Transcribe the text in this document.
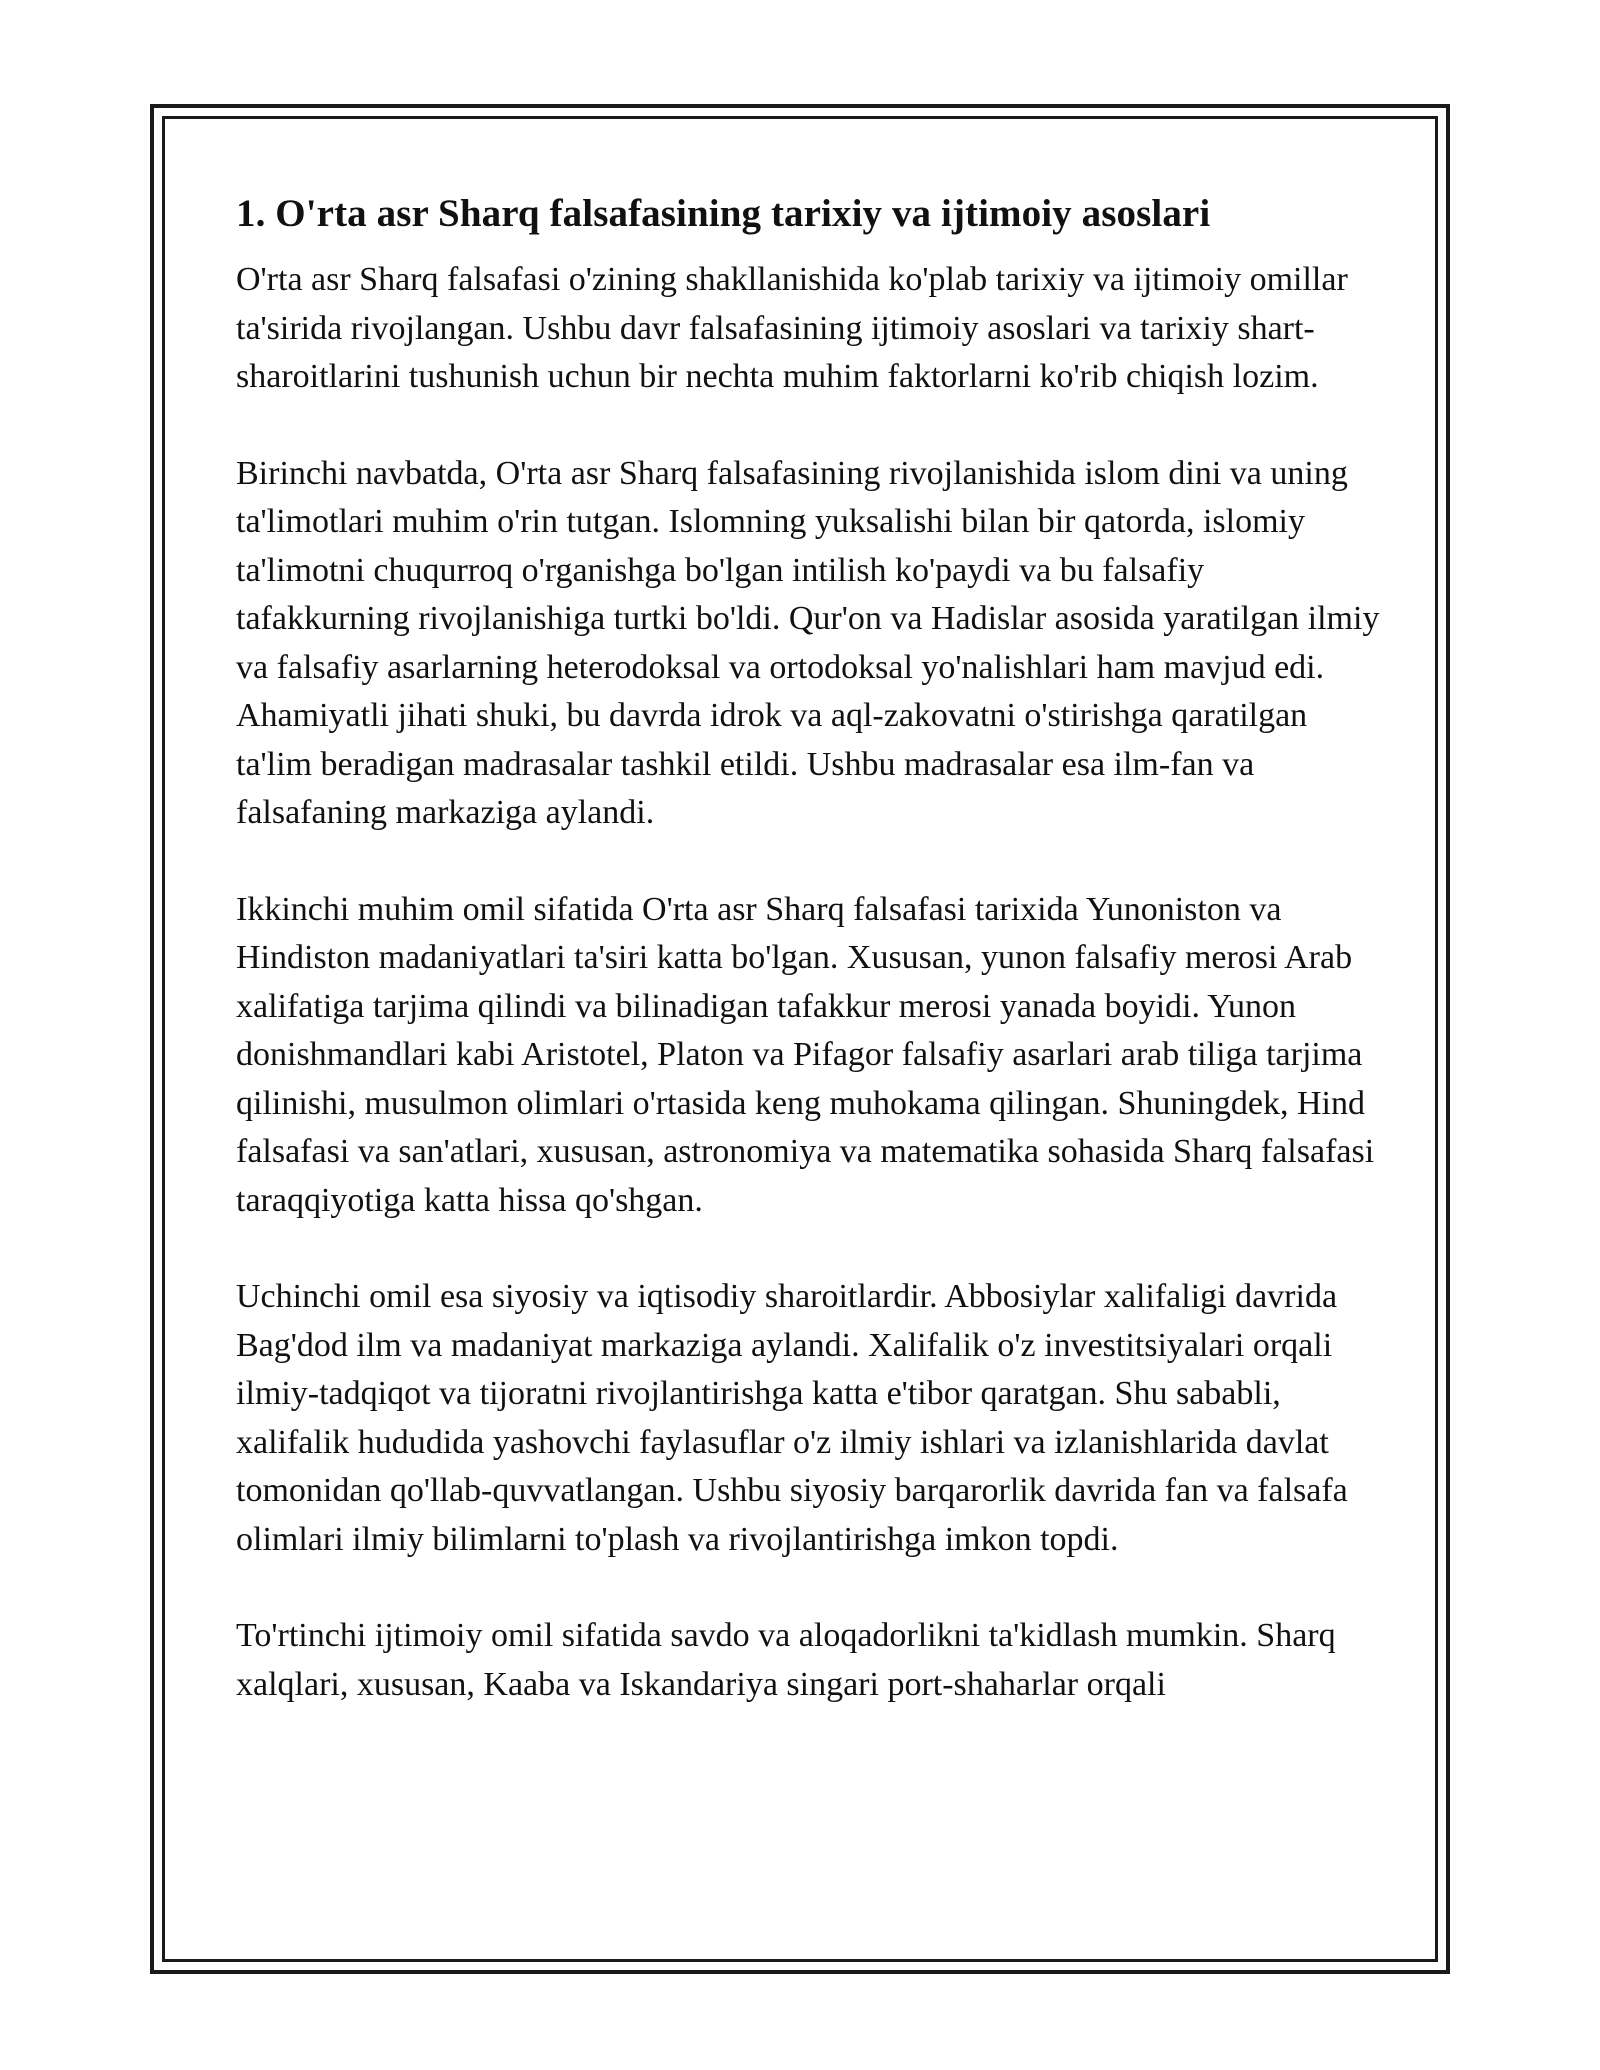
1. O'rta asr Sharq falsafasining tarixiy va ijtimoiy asoslari

O'rta asr Sharq falsafasi o'zining shakllanishida ko'plab tarixiy va ijtimoiy omillar ta'sirida rivojlangan. Ushbu davr falsafasining ijtimoiy asoslari va tarixiy shart-sharoitlarini tushunish uchun bir nechta muhim faktorlarni ko'rib chiqish lozim.

Birinchi navbatda, O'rta asr Sharq falsafasining rivojlanishida islom dini va uning ta'limotlari muhim o'rin tutgan. Islomning yuksalishi bilan bir qatorda, islomiy ta'limotni chuqurroq o'rganishga bo'lgan intilish ko'paydi va bu falsafiy tafakkurning rivojlanishiga turtki bo'ldi. Qur'on va Hadislar asosida yaratilgan ilmiy va falsafiy asarlarning heterodoksal va ortodoksal yo'nalishlari ham mavjud edi. Ahamiyatli jihati shuki, bu davrda idrok va aql-zakovatni o'stirishga qaratilgan ta'lim beradigan madrasalar tashkil etildi. Ushbu madrasalar esa ilm-fan va falsafaning markaziga aylandi.

Ikkinchi muhim omil sifatida O'rta asr Sharq falsafasi tarixida Yunoniston va Hindiston madaniyatlari ta'siri katta bo'lgan. Xususan, yunon falsafiy merosi Arab xalifatiga tarjima qilindi va bilinadigan tafakkur merosi yanada boyidi. Yunon donishmandlari kabi Aristotel, Platon va Pifagor falsafiy asarlari arab tiliga tarjima qilinishi, musulmon olimlari o'rtasida keng muhokama qilingan. Shuningdek, Hind falsafasi va san'atlari, xususan, astronomiya va matematika sohasida Sharq falsafasi taraqqiyotiga katta hissa qo'shgan.

Uchinchi omil esa siyosiy va iqtisodiy sharoitlardir. Abbosiylar xalifaligi davrida Bag'dod ilm va madaniyat markaziga aylandi. Xalifalik o'z investitsiyalari orqali ilmiy-tadqiqot va tijoratni rivojlantirishga katta e'tibor qaratgan. Shu sababli, xalifalik hududida yashovchi faylasuflar o'z ilmiy ishlari va izlanishlarida davlat tomonidan qo'llab-quvvatlangan. Ushbu siyosiy barqarorlik davrida fan va falsafa olimlari ilmiy bilimlarni to'plash va rivojlantirishga imkon topdi.

To'rtinchi ijtimoiy omil sifatida savdo va aloqadorlikni ta'kidlash mumkin. Sharq xalqlari, xususan, Kaaba va Iskandariya singari port-shaharlar orqali
